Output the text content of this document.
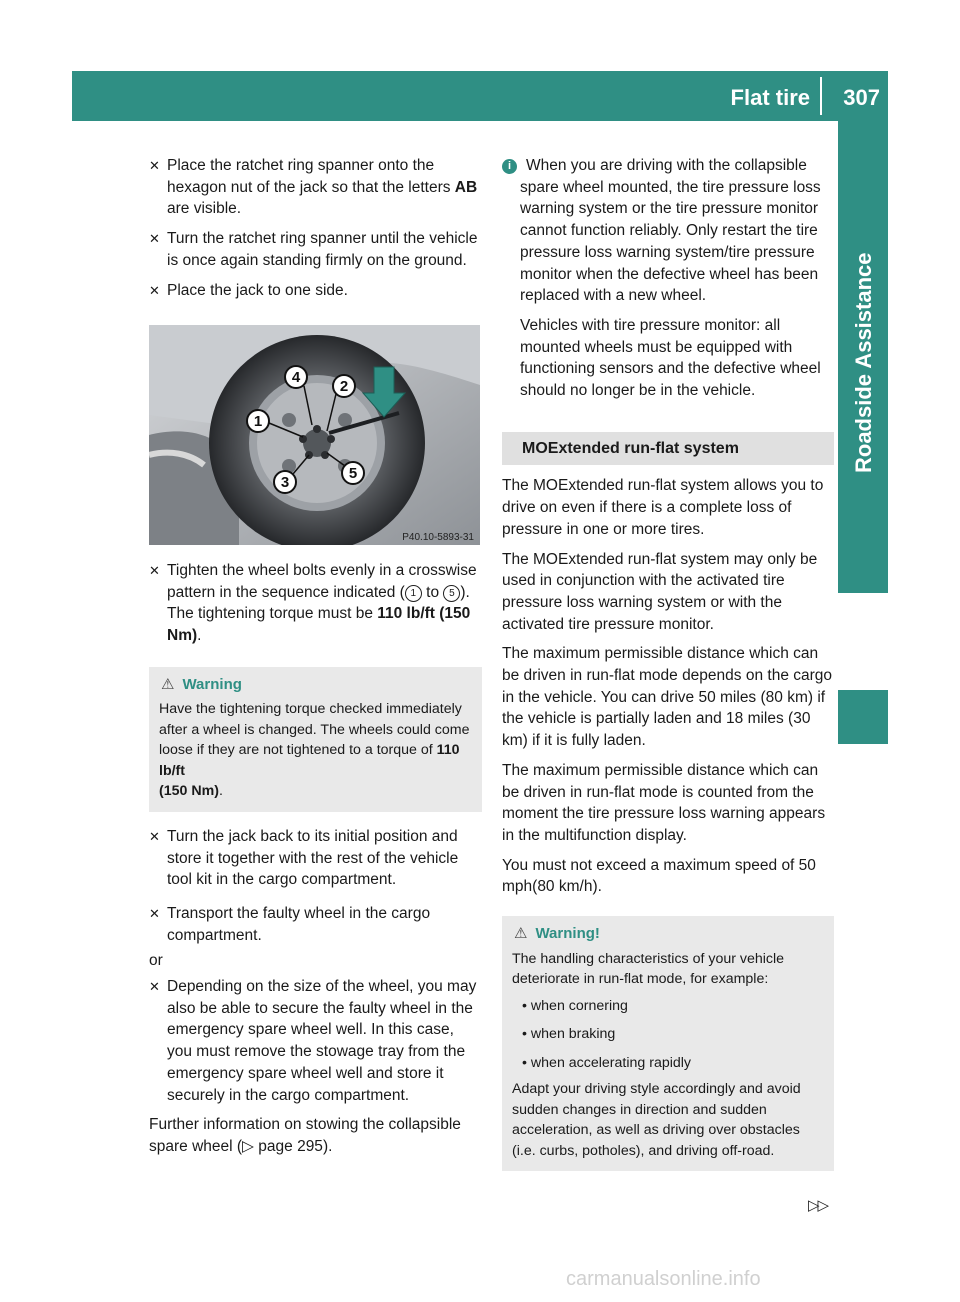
Flat tire	307
Roadside Assistance
✕ Place the ratchet ring spanner onto the hexagon nut of the jack so that the letters AB are visible.
✕ Turn the ratchet ring spanner until the vehicle is once again standing firmly on the ground.
✕ Place the jack to one side.
4
2
1
3
5
P40.10-5893-31
✕ Tighten the wheel bolts evenly in a crosswise pattern in the sequence indicated ( 1 to 5 ). The tightening torque must be 110 lb/ft (150 Nm).
⚠ Warning
Have the tightening torque checked immediately after a wheel is changed. The wheels could come loose if they are not tightened to a torque of 110 lb/ft
(150 Nm).
✕ Turn the jack back to its initial position and store it together with the rest of the vehicle tool kit in the cargo compartment.
✕ Transport the faulty wheel in the cargo compartment.

or

✕ Depending on the size of the wheel, you may also be able to secure the faulty wheel in the emergency spare wheel well. In this case, you must remove the stowage tray from the emergency spare wheel well and store it securely in the cargo compartment.

Further information on stowing the collapsible spare wheel (▷ page 295).

i When you are driving with the collapsible spare wheel mounted, the tire pressure loss warning system or the tire pressure monitor cannot function reliably. Only restart the tire pressure loss warning system/tire pressure monitor when the defective wheel has been replaced with a new wheel.
Vehicles with tire pressure monitor: all mounted wheels must be equipped with functioning sensors and the defective wheel should no longer be in the vehicle.
MOExtended run-flat system

The MOExtended run-flat system allows you to drive on even if there is a complete loss of pressure in one or more tires.

The MOExtended run-flat system may only be used in conjunction with the activated tire pressure loss warning system or with the activated tire pressure monitor.

The maximum permissible distance which can be driven in run-flat mode depends on the cargo in the vehicle. You can drive 50 miles (80 km) if the vehicle is partially laden and 18 miles (30 km) if it is fully laden.

The maximum permissible distance which can be driven in run-flat mode is counted from the moment the tire pressure loss warning appears in the multifunction display.

You must not exceed a maximum speed of 50 mph(80 km/h).

⚠ Warning!

The handling characteristics of your vehicle deteriorate in run-flat mode, for example:

• when cornering

• when braking

• when accelerating rapidly

Adapt your driving style accordingly and avoid sudden changes in direction and sudden acceleration, as well as driving over obstacles (i.e. curbs, potholes), and driving off-road.

▷▷
carmanualsonline.info
